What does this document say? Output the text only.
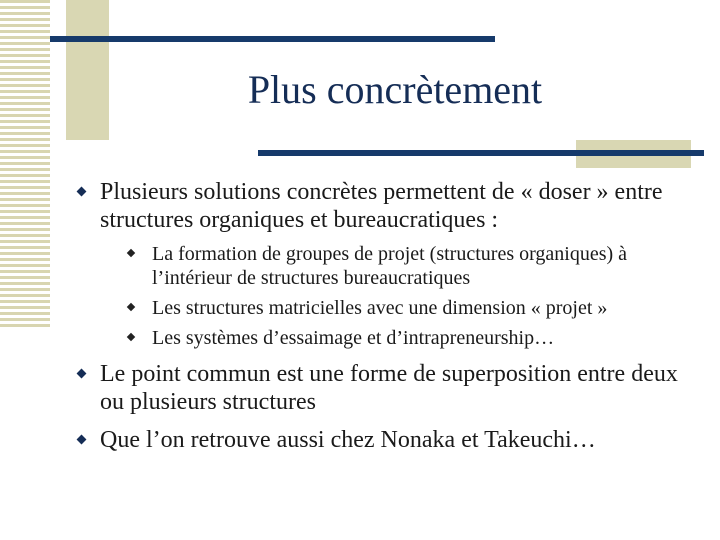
Plus concrètement
Plusieurs solutions concrètes permettent de « doser » entre structures organiques et bureaucratiques :
La formation de groupes de projet (structures organiques) à l’intérieur de structures bureaucratiques
Les structures matricielles avec une dimension « projet »
Les systèmes d’essaimage et d’intrapreneurship…
Le point commun est une forme de superposition entre deux ou plusieurs structures
Que l’on retrouve aussi chez Nonaka et Takeuchi…
